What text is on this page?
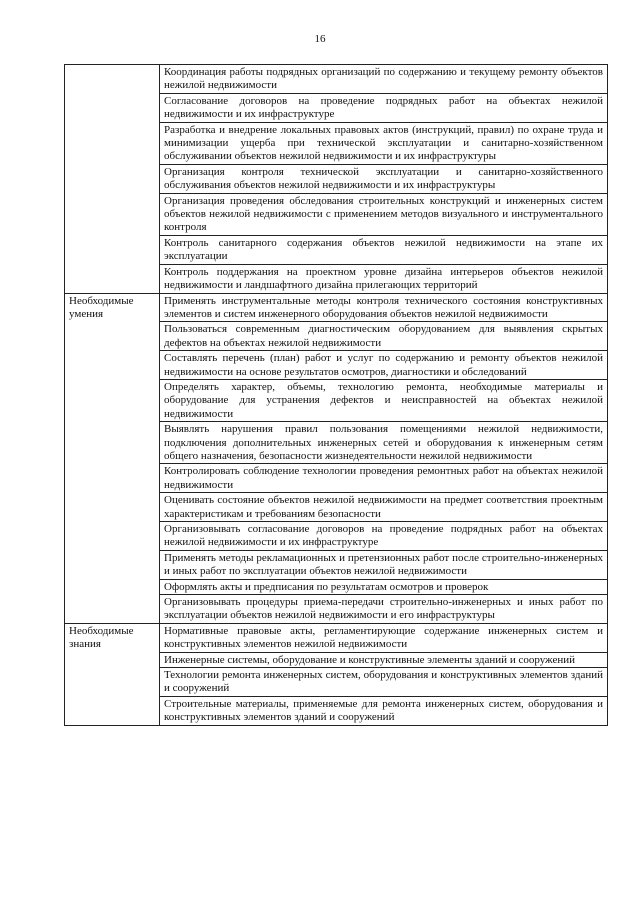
16
	Координация работы подрядных организаций по содержанию и текущему ремонту объектов нежилой недвижимости
	Согласование договоров на проведение подрядных работ на объектах нежилой недвижимости и их инфраструктуре
	Разработка и внедрение локальных правовых актов (инструкций, правил) по охране труда и минимизации ущерба при технической эксплуатации и санитарно-хозяйственном обслуживании объектов нежилой недвижимости и их инфраструктуры
	Организация контроля технической эксплуатации и санитарно-хозяйственного обслуживания объектов нежилой недвижимости и их инфраструктуры
	Организация проведения обследования строительных конструкций и инженерных систем объектов нежилой недвижимости с применением методов визуального и инструментального контроля
	Контроль санитарного содержания объектов нежилой недвижимости на этапе их эксплуатации
	Контроль поддержания на проектном уровне дизайна интерьеров объектов нежилой недвижимости и ландшафтного дизайна прилегающих территорий
Необходимые умения	Применять инструментальные методы контроля технического состояния конструктивных элементов и систем инженерного оборудования объектов нежилой недвижимости
	Пользоваться современным диагностическим оборудованием для выявления скрытых дефектов на объектах нежилой недвижимости
	Составлять перечень (план) работ и услуг по содержанию и ремонту объектов нежилой недвижимости на основе результатов осмотров, диагностики и обследований
	Определять характер, объемы, технологию ремонта, необходимые материалы и оборудование для устранения дефектов и неисправностей на объектах нежилой недвижимости
	Выявлять нарушения правил пользования помещениями нежилой недвижимости, подключения дополнительных инженерных сетей и оборудования к инженерным сетям общего назначения, безопасности жизнедеятельности нежилой недвижимости
	Контролировать соблюдение технологии проведения ремонтных работ на объектах нежилой недвижимости
	Оценивать состояние объектов нежилой недвижимости на предмет соответствия проектным характеристикам и требованиям безопасности
	Организовывать согласование договоров на проведение подрядных работ на объектах нежилой недвижимости и их инфраструктуре
	Применять методы рекламационных и претензионных работ после строительно-инженерных и иных работ по эксплуатации объектов нежилой недвижимости
	Оформлять акты и предписания по результатам осмотров и проверок
	Организовывать процедуры приема-передачи строительно-инженерных и иных работ по эксплуатации объектов нежилой недвижимости и его инфраструктуры
Необходимые знания	Нормативные правовые акты, регламентирующие содержание инженерных систем и конструктивных элементов нежилой недвижимости
	Инженерные системы, оборудование и конструктивные элементы зданий и сооружений
	Технологии ремонта инженерных систем, оборудования и конструктивных элементов зданий и сооружений
	Строительные материалы, применяемые для ремонта инженерных систем, оборудования и конструктивных элементов зданий и сооружений
